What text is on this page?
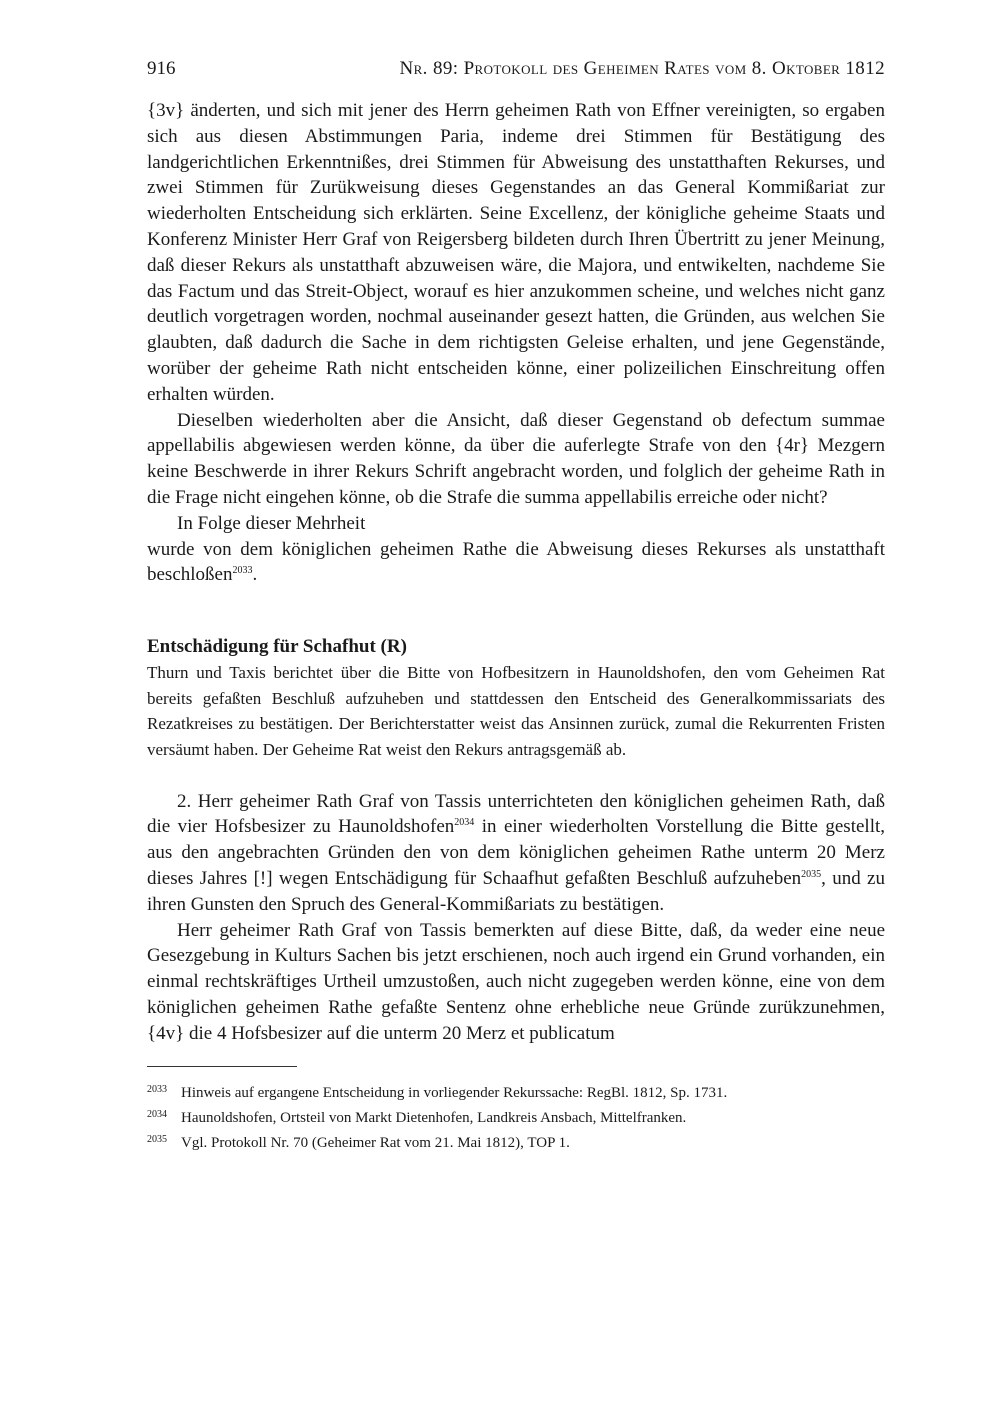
916	Nr. 89: Protokoll des Geheimen Rates vom 8. Oktober 1812

{3v} änderten, und sich mit jener des Herrn geheimen Rath von Effner vereinigten, so ergaben sich aus diesen Abstimmungen Paria, indeme drei Stimmen für Bestätigung des landgerichtlichen Erkenntnißes, drei Stimmen für Abweisung des unstatthaften Rekurses, und zwei Stimmen für Zurükweisung dieses Gegenstandes an das General Kommißariat zur wiederholten Entscheidung sich erklärten. Seine Excellenz, der königliche geheime Staats und Konferenz Minister Herr Graf von Reigersberg bildeten durch Ihren Übertritt zu jener Meinung, daß dieser Rekurs als unstatthaft abzuweisen wäre, die Majora, und entwikelten, nachdeme Sie das Factum und das Streit-Object, worauf es hier anzukommen scheine, und welches nicht ganz deutlich vorgetragen worden, nochmal auseinander gesezt hatten, die Gründen, aus welchen Sie glaubten, daß dadurch die Sache in dem richtigsten Geleise erhalten, und jene Gegenstände, worüber der geheime Rath nicht entscheiden könne, einer polizeilichen Einschreitung offen erhalten würden.

Dieselben wiederholten aber die Ansicht, daß dieser Gegenstand ob defectum summae appellabilis abgewiesen werden könne, da über die auferlegte Strafe von den {4r} Mezgern keine Beschwerde in ihrer Rekurs Schrift angebracht worden, und folglich der geheime Rath in die Frage nicht eingehen könne, ob die Strafe die summa appellabilis erreiche oder nicht?

In Folge dieser Mehrheit

wurde von dem königlichen geheimen Rathe die Abweisung dieses Rekurses als unstatthaft beschloßen$^{2033}$.

Entschädigung für Schafhut (R)

Thurn und Taxis berichtet über die Bitte von Hofbesitzern in Haunoldshofen, den vom Geheimen Rat bereits gefaßten Beschluß aufzuheben und stattdessen den Entscheid des Generalkommissariats des Rezatkreises zu bestätigen. Der Berichterstatter weist das Ansinnen zurück, zumal die Rekurrenten Fristen versäumt haben. Der Geheime Rat weist den Rekurs antragsgemäß ab.

2. Herr geheimer Rath Graf von Tassis unterrichteten den königlichen geheimen Rath, daß die vier Hofsbesizer zu Haunoldshofen$^{2034}$ in einer wiederholten Vorstellung die Bitte gestellt, aus den angebrachten Gründen den von dem königlichen geheimen Rathe unterm 20 Merz dieses Jahres [!] wegen Entschädigung für Schaafhut gefaßten Beschluß aufzuheben$^{2035}$, und zu ihren Gunsten den Spruch des General-Kommißariats zu bestätigen.

Herr geheimer Rath Graf von Tassis bemerkten auf diese Bitte, daß, da weder eine neue Gesezgebung in Kulturs Sachen bis jetzt erschienen, noch auch irgend ein Grund vorhanden, ein einmal rechtskräftiges Urtheil umzustoßen, auch nicht zugegeben werden könne, eine von dem königlichen geheimen Rathe gefaßte Sentenz ohne erhebliche neue Gründe zurükzunehmen, {4v} die 4 Hofsbesizer auf die unterm 20 Merz et publicatum

2033 Hinweis auf ergangene Entscheidung in vorliegender Rekurssache: RegBl. 1812, Sp. 1731.
2034 Haunoldshofen, Ortsteil von Markt Dietenhofen, Landkreis Ansbach, Mittelfranken.
2035 Vgl. Protokoll Nr. 70 (Geheimer Rat vom 21. Mai 1812), TOP 1.
